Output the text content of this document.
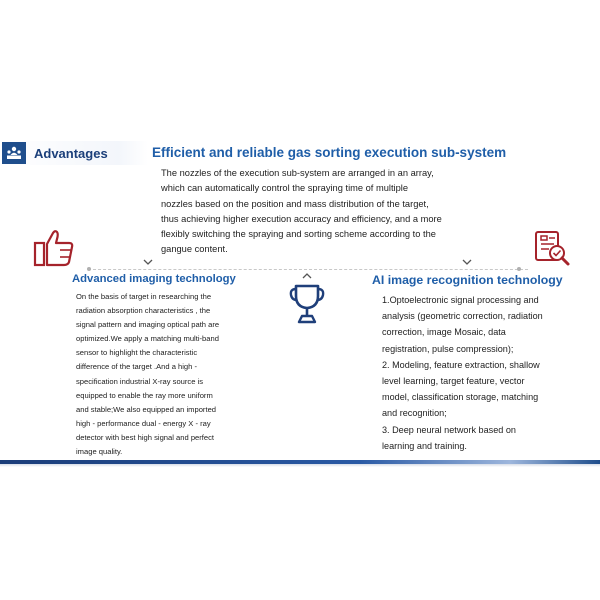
Advantages	Efficient and reliable gas sorting execution sub-system

The nozzles of the execution sub-system are arranged in an array,

which can automatically control the spraying time of multiple

nozzles based on the position and mass distribution of the target,

thus achieving higher execution accuracy and efficiency, and a more

flexibly switching the spraying and sorting scheme according to the

gangue content.

Advanced imaging technology

On the basis of target in researching the

radiation absorption characteristics , the

signal pattern and imaging optical path are

optimized.We apply a matching multi-band

sensor to highlight the characteristic

difference of the target .And a high -

specification industrial X-ray source is

equipped to enable the ray more uniform

and stable;We also equipped an imported

high - performance dual - energy X - ray

detector with best high signal and perfect

image quality.

AI image recognition technology

1.Optoelectronic signal processing and

analysis (geometric correction, radiation

correction, image Mosaic, data

registration, pulse compression);

2. Modeling, feature extraction, shallow

level learning, target feature, vector

model, classification storage, matching

and recognition;

3. Deep neural network based on

learning and training.
